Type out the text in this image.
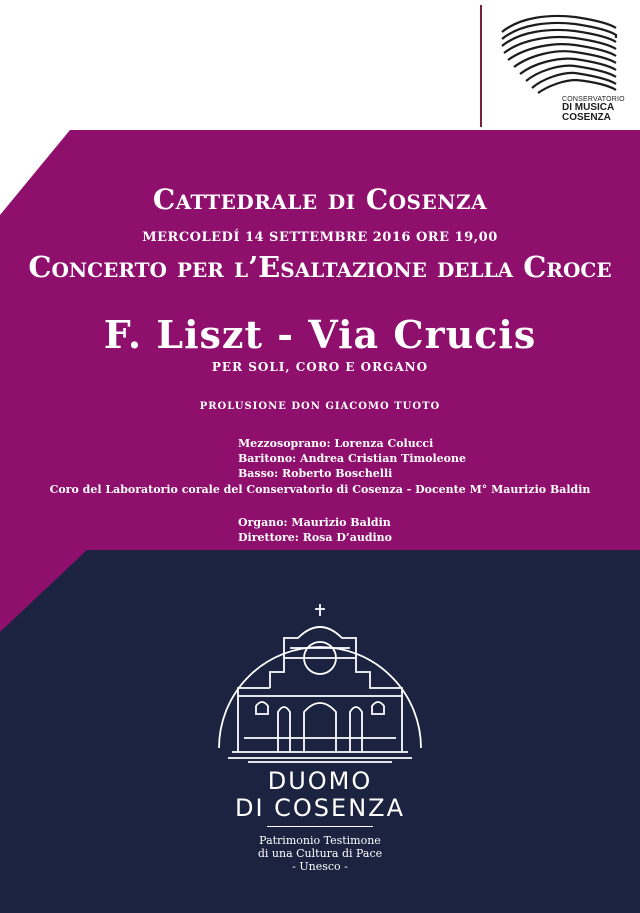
CONSERVATORIO
DI MUSICA
COSENZA
Cattedrale di Cosenza
MERCOLEDÍ 14 SETTEMBRE 2016 ORE 19,00
Concerto per l’Esaltazione della Croce
F. Liszt - Via Crucis
PER SOLI, CORO E ORGANO
PROLUSIONE DON GIACOMO TUOTO
Mezzosoprano: Lorenza Colucci
Baritono: Andrea Cristian Timoleone
Basso: Roberto Boschelli
Coro del Laboratorio corale del Conservatorio di Cosenza - Docente M° Maurizio Baldin
Organo: Maurizio Baldin
Direttore: Rosa D’audino
DUOMO
DI COSENZA
Patrimonio Testimone
di una Cultura di Pace
- Unesco -
